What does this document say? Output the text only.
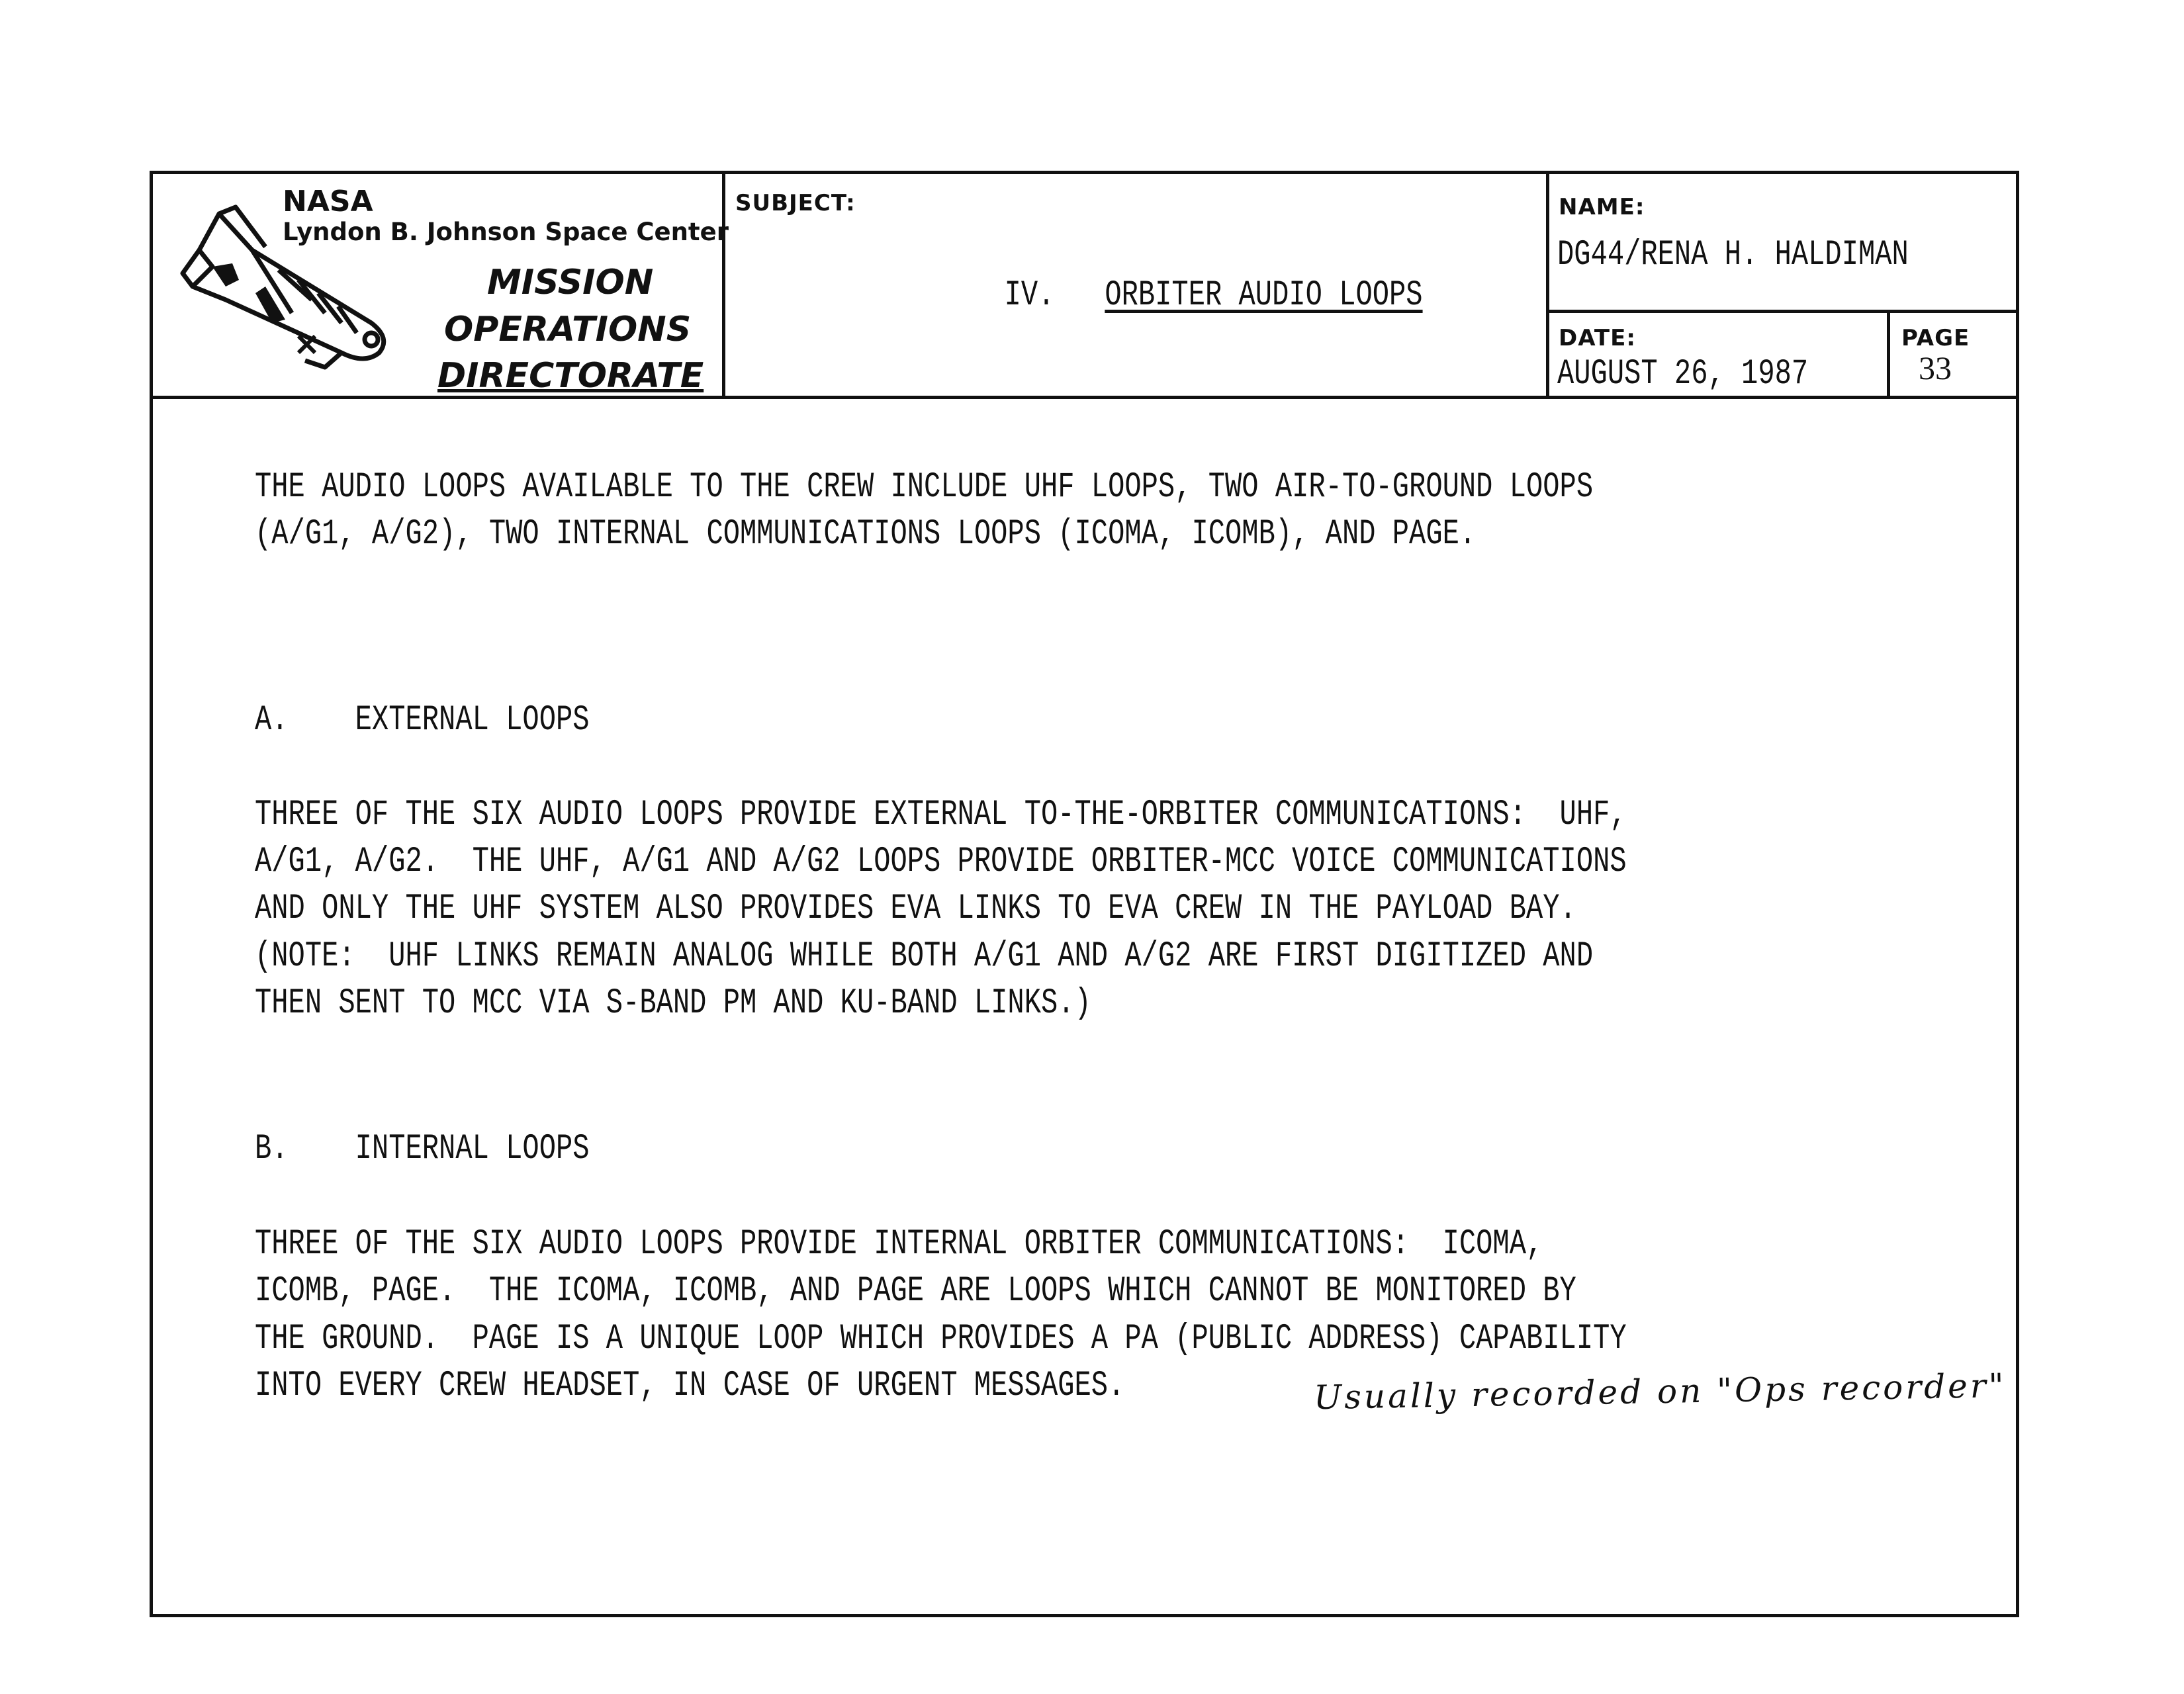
NASA
Lyndon B. Johnson Space Center
MISSION
OPERATIONS
DIRECTORATE
SUBJECT:

IV. ORBITER AUDIO LOOPS

NAME:
DG44/RENA H. HALDIMAN
DATE:
AUGUST 26, 1987
PAGE
33
THE AUDIO LOOPS AVAILABLE TO THE CREW INCLUDE UHF LOOPS, TWO AIR-TO-GROUND LOOPS
(A/G1, A/G2), TWO INTERNAL COMMUNICATIONS LOOPS (ICOMA, ICOMB), AND PAGE.
A.    EXTERNAL LOOPS
THREE OF THE SIX AUDIO LOOPS PROVIDE EXTERNAL TO-THE-ORBITER COMMUNICATIONS:  UHF,
A/G1, A/G2.  THE UHF, A/G1 AND A/G2 LOOPS PROVIDE ORBITER-MCC VOICE COMMUNICATIONS
AND ONLY THE UHF SYSTEM ALSO PROVIDES EVA LINKS TO EVA CREW IN THE PAYLOAD BAY.
(NOTE:  UHF LINKS REMAIN ANALOG WHILE BOTH A/G1 AND A/G2 ARE FIRST DIGITIZED AND
THEN SENT TO MCC VIA S-BAND PM AND KU-BAND LINKS.)
B.    INTERNAL LOOPS
THREE OF THE SIX AUDIO LOOPS PROVIDE INTERNAL ORBITER COMMUNICATIONS:  ICOMA,
ICOMB, PAGE.  THE ICOMA, ICOMB, AND PAGE ARE LOOPS WHICH CANNOT BE MONITORED BY
THE GROUND.  PAGE IS A UNIQUE LOOP WHICH PROVIDES A PA (PUBLIC ADDRESS) CAPABILITY
INTO EVERY CREW HEADSET, IN CASE OF URGENT MESSAGES.	Usually recorded on "Ops recorder"
